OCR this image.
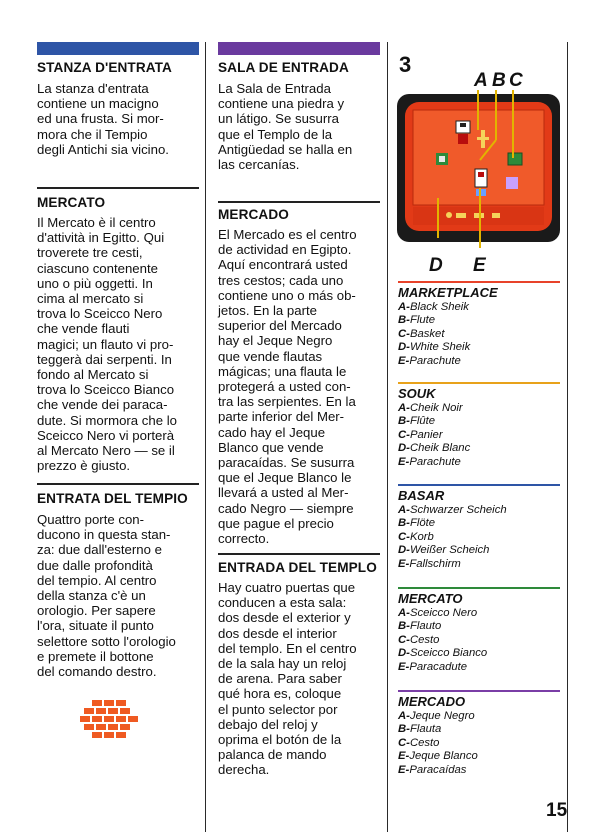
STANZA D'ENTRATA

La stanza d'entrata
contiene un macigno
ed una frusta. Si mor-
mora che il Tempio
degli Antichi sia vicino.

MERCATO

Il Mercato è il centro
d'attività in Egitto. Qui
troverete tre cesti,
ciascuno contenente
uno o più oggetti. In
cima al mercato si
trova lo Sceicco Nero
che vende flauti
magici; un flauto vi pro-
teggerà dai serpenti. In
fondo al Mercato si
trova lo Sceicco Bianco
che vende dei paraca-
dute. Si mormora che lo
Sceicco Nero vi porterà
al Mercato Nero — se il
prezzo è giusto.

ENTRATA DEL TEMPIO

Quattro porte con-
ducono in questa stan-
za: due dall'esterno e
due dalle profondità
del tempio. Al centro
della stanza c'è un
orologio. Per sapere
l'ora, situate il punto
selettore sotto l'orologio
e premete il bottone
del comando destro.

SALA DE ENTRADA

La Sala de Entrada
contiene una piedra y
un látigo. Se susurra
que el Templo de la
Antigüedad se halla en
las cercanías.

MERCADO

El Mercado es el centro
de actividad en Egipto.
Aquí encontrará usted
tres cestos; cada uno
contiene uno o más ob-
jetos. En la parte
superior del Mercado
hay el Jeque Negro
que vende flautas
mágicas; una flauta le
protegerá a usted con-
tra las serpientes. En la
parte inferior del Mer-
cado hay el Jeque
Blanco que vende
paracaídas. Se susurra
que el Jeque Blanco le
llevará a usted al Mer-
cado Negro — siempre
que pague el precio
correcto.

ENTRADA DEL TEMPLO

Hay cuatro puertas que
conducen a esta sala:
dos desde el exterior y
dos desde el interior
del templo. En el centro
de la sala hay un reloj
de arena. Para saber
qué hora es, coloque
el punto selector por
debajo del reloj y
oprima el botón de la
palanca de mando
derecha.

3
A B C
D E
MARKETPLACE
A-Black Sheik
B-Flute
C-Basket
D-White Sheik
E-Parachute
SOUK
A-Cheik Noir
B-Flûte
C-Panier
D-Cheik Blanc
E-Parachute
BASAR
A-Schwarzer Scheich
B-Flöte
C-Korb
D-Weißer Scheich
E-Fallschirm
MERCATO
A-Sceicco Nero
B-Flauto
C-Cesto
D-Sceicco Bianco
E-Paracadute
MERCADO
A-Jeque Negro
B-Flauta
C-Cesto
E-Jeque Blanco
E-Paracaídas
15
